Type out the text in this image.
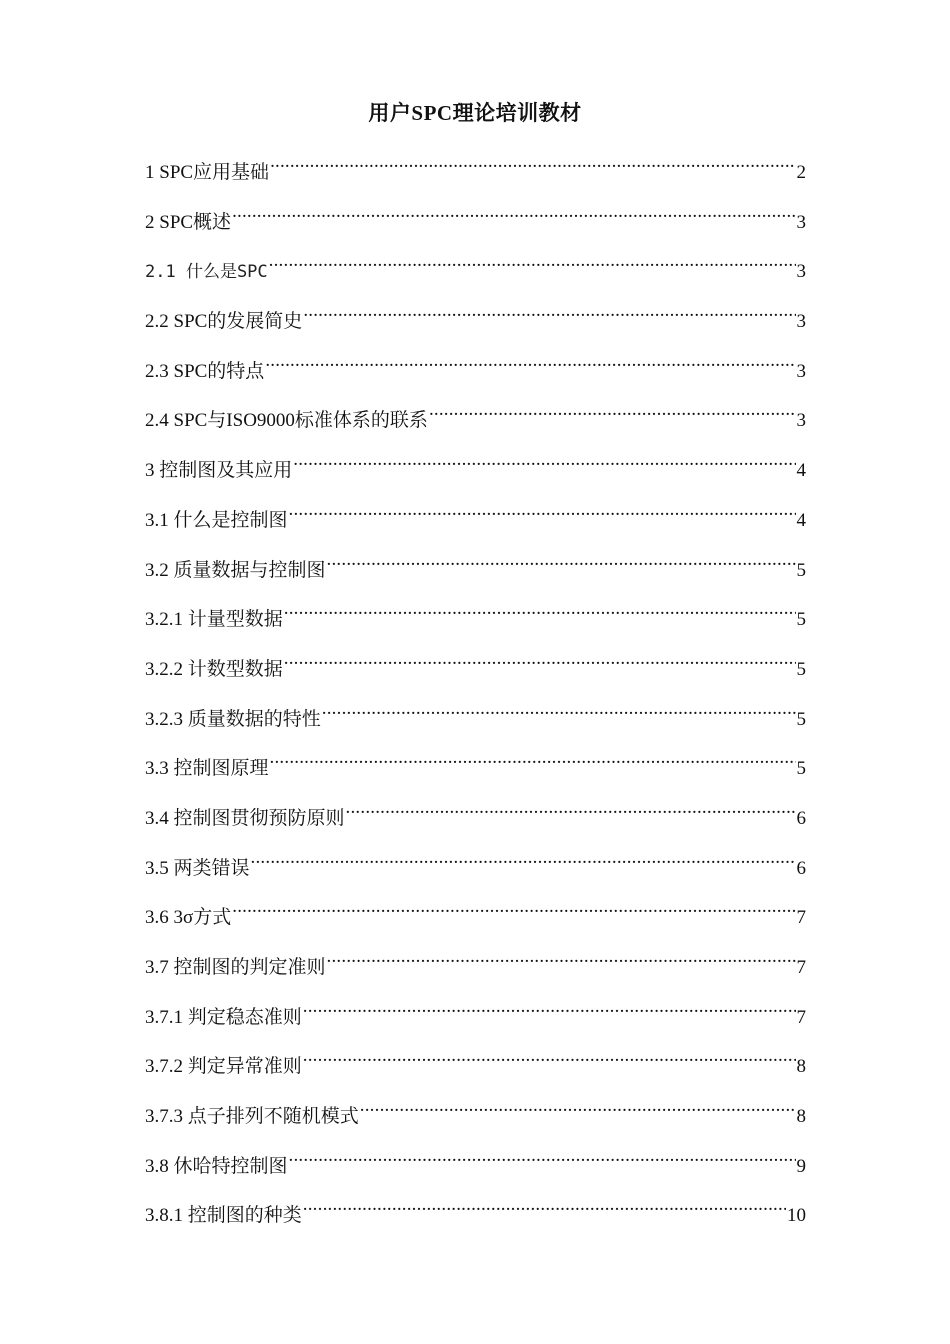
用户SPC理论培训教材
1 SPC应用基础 .....	2
2 SPC概述 .....	3
2.1 什么是SPC .....	3
2.2 SPC的发展简史 .....	3
2.3 SPC的特点 .....	3
2.4 SPC与ISO9000标准体系的联系 .....	3
3 控制图及其应用 .....	4
3.1 什么是控制图 .....	4
3.2 质量数据与控制图 .....	5
3.2.1 计量型数据 .....	5
3.2.2 计数型数据 .....	5
3.2.3 质量数据的特性 .....	5
3.3 控制图原理 .....	5
3.4 控制图贯彻预防原则 .....	6
3.5 两类错误 .....	6
3.6 3σ方式 .....	7
3.7 控制图的判定准则 .....	7
3.7.1 判定稳态准则 .....	7
3.7.2 判定异常准则 .....	8
3.7.3 点子排列不随机模式 .....	8
3.8 休哈特控制图 .....	9
3.8.1 控制图的种类 .....	10
